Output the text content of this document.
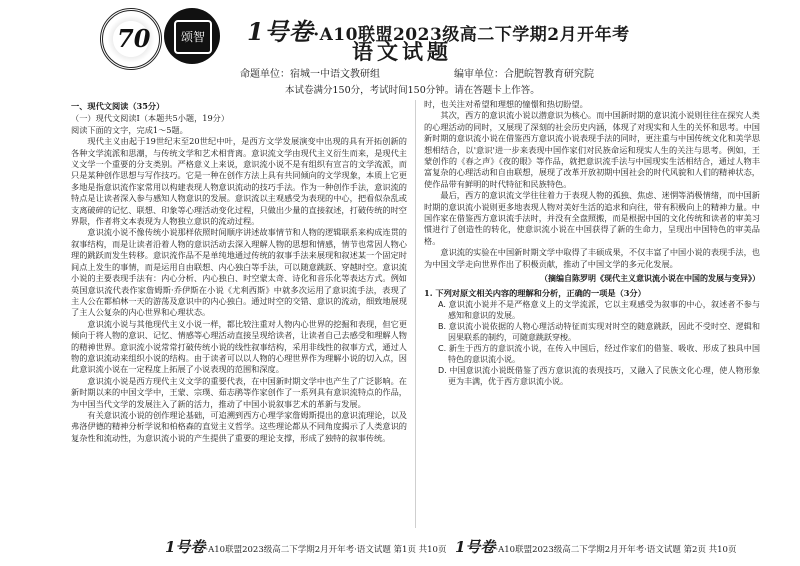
70	颂智 1号卷·A10联盟2023级高二下学期2月开年考
语文试题
命题单位：宿城一中语文教研组	编审单位：合肥皖智教育研究院
本试卷满分150分，考试时间150分钟。请在答题卡上作答。

一、现代文阅读（35分）

（一）现代文阅读Ⅰ（本题共5小题，19分）

阅读下面的文字，完成1～5题。

现代主义由起于19世纪末至20世纪中叶，是西方文学发展演变中出现的具有开拓创新的各种文学流派和思潮，与传统文学和艺术相背离。意识流文学由现代主义衍生而来，是现代主义文学一个重要的分支类别。严格意义上来说，意识流小说不是有组织有宣言的文学流派，而只是某种创作思想与写作技巧。它是一种在创作方法上具有共同倾向的文学现象，本质上它更多地是指意识流作家常用以构建表现人物意识流动的技巧手法。作为一种创作手法，意识流的特点是让读者深入参与感知人物意识的发展。意识流以主观感受为表现的中心，把看似杂乱或支离破碎的记忆、联想、印象等心理活动变化过程，只做出少量的直接叙述，打破传统的时空界限，作者将文本表现为人物独立意识的流动过程。

意识流小说不像传统小说那样依照时间顺序讲述故事情节和人物的逻辑联系来构成连贯的叙事结构，而是让读者沿着人物的意识活动去深入理解人物的思想和情感，情节也常因人物心理的跳跃而发生转移。意识流作品不是单纯地通过传统的叙事手法来展现和叙述某一个固定时间点上发生的事情，而是运用自由联想、内心独白等手法，可以随意跳跃、穿越时空。意识流小说的主要表现手法有：内心分析、内心独白、时空蒙太奇、诗化和音乐化等表达方式。例如英国意识流代表作家詹姆斯·乔伊斯在小说《尤利西斯》中就多次运用了意识流手法，表现了主人公在都柏林一天的游荡及意识中的内心独白。通过时空的交错、意识的流动，细致地展现了主人公复杂的内心世界和心理状态。

意识流小说与其他现代主义小说一样，都比较注重对人物内心世界的挖掘和表现，但它更倾向于将人物的意识、记忆、情感等心理活动直接呈现给读者，让读者自己去感受和理解人物的精神世界。意识流小说常常打破传统小说的线性叙事结构，采用非线性的叙事方式，通过人物的意识流动来组织小说的结构。由于读者可以以人物的心理世界作为理解小说的切入点，因此意识流小说在一定程度上拓展了小说表现的范围和深度。

意识流小说是西方现代主义文学的重要代表，在中国新时期文学中也产生了广泛影响。在新时期以来的中国文学中，王蒙、宗璞、茹志鹃等作家创作了一系列具有意识流特点的作品，为中国当代文学的发展注入了新的活力，推动了中国小说叙事艺术的革新与发展。

有关意识流小说的创作理论基础，可追溯到西方心理学家詹姆斯提出的意识流理论，以及弗洛伊德的精神分析学说和柏格森的直觉主义哲学。这些理论都从不同角度揭示了人类意识的复杂性和流动性，为意识流小说的产生提供了重要的理论支撑，形成了独特的叙事传统。

时，也关注对希望和理想的憧憬和热切盼望。

其次，西方的意识流小说以潜意识为核心。而中国新时期的意识流小说则往往在探究人类的心理活动的同时，又展现了深刻的社会历史内涵，体现了对现实和人生的关怀和思考。中国新时期的意识流小说在借鉴西方意识流小说表现手法的同时，更注重与中国传统文化和美学思想相结合，以'意识'进一步来表现中国作家们对民族命运和现实人生的关注与思考。例如，王蒙创作的《春之声》《夜的眼》等作品，就把意识流手法与中国现实生活相结合，通过人物丰富复杂的心理活动和自由联想，展现了改革开放初期中国社会的时代风貌和人们的精神状态，使作品带有鲜明的时代特征和民族特色。

最后，西方的意识流文学往往着力于表现人物的孤独、焦虑、迷惘等消极情绪，而中国新时期的意识流小说则更多地表现人物对美好生活的追求和向往，带有积极向上的精神力量。中国作家在借鉴西方意识流手法时，并没有全盘照搬，而是根据中国的文化传统和读者的审美习惯进行了创造性的转化，使意识流小说在中国获得了新的生命力，呈现出中国特色的审美品格。

意识流的实验在中国新时期文学中取得了丰硕成果，不仅丰富了中国小说的表现手法，也为中国文学走向世界作出了积极贡献，推动了中国文学的多元化发展。

（摘编自陈罗明《现代主义意识流小说在中国的发展与变异》）

1. 下列对原文相关内容的理解和分析，正确的一项是（3分）

A. 意识流小说并不是严格意义上的文学流派，它以主观感受为叙事的中心，叙述者不参与感知和意识的发展。

B. 意识流小说依据的人物心理活动特征而实现对时空的随意跳跃，因此不受时空、逻辑和因果联系的制约，可随意跳跃穿梭。

C. 新生于西方的意识流小说，在传入中国后，经过作家们的借鉴、吸收、形成了独具中国特色的意识流小说。

D. 中国意识流小说既借鉴了西方意识流的表现技巧，又融入了民族文化心理，使人物形象更为丰满，优于西方意识流小说。

1号卷·A10联盟2023级高二下学期2月开年考·语文试题 第1页 共10页 1号卷·A10联盟2023级高二下学期2月开年考·语文试题 第2页 共10页
